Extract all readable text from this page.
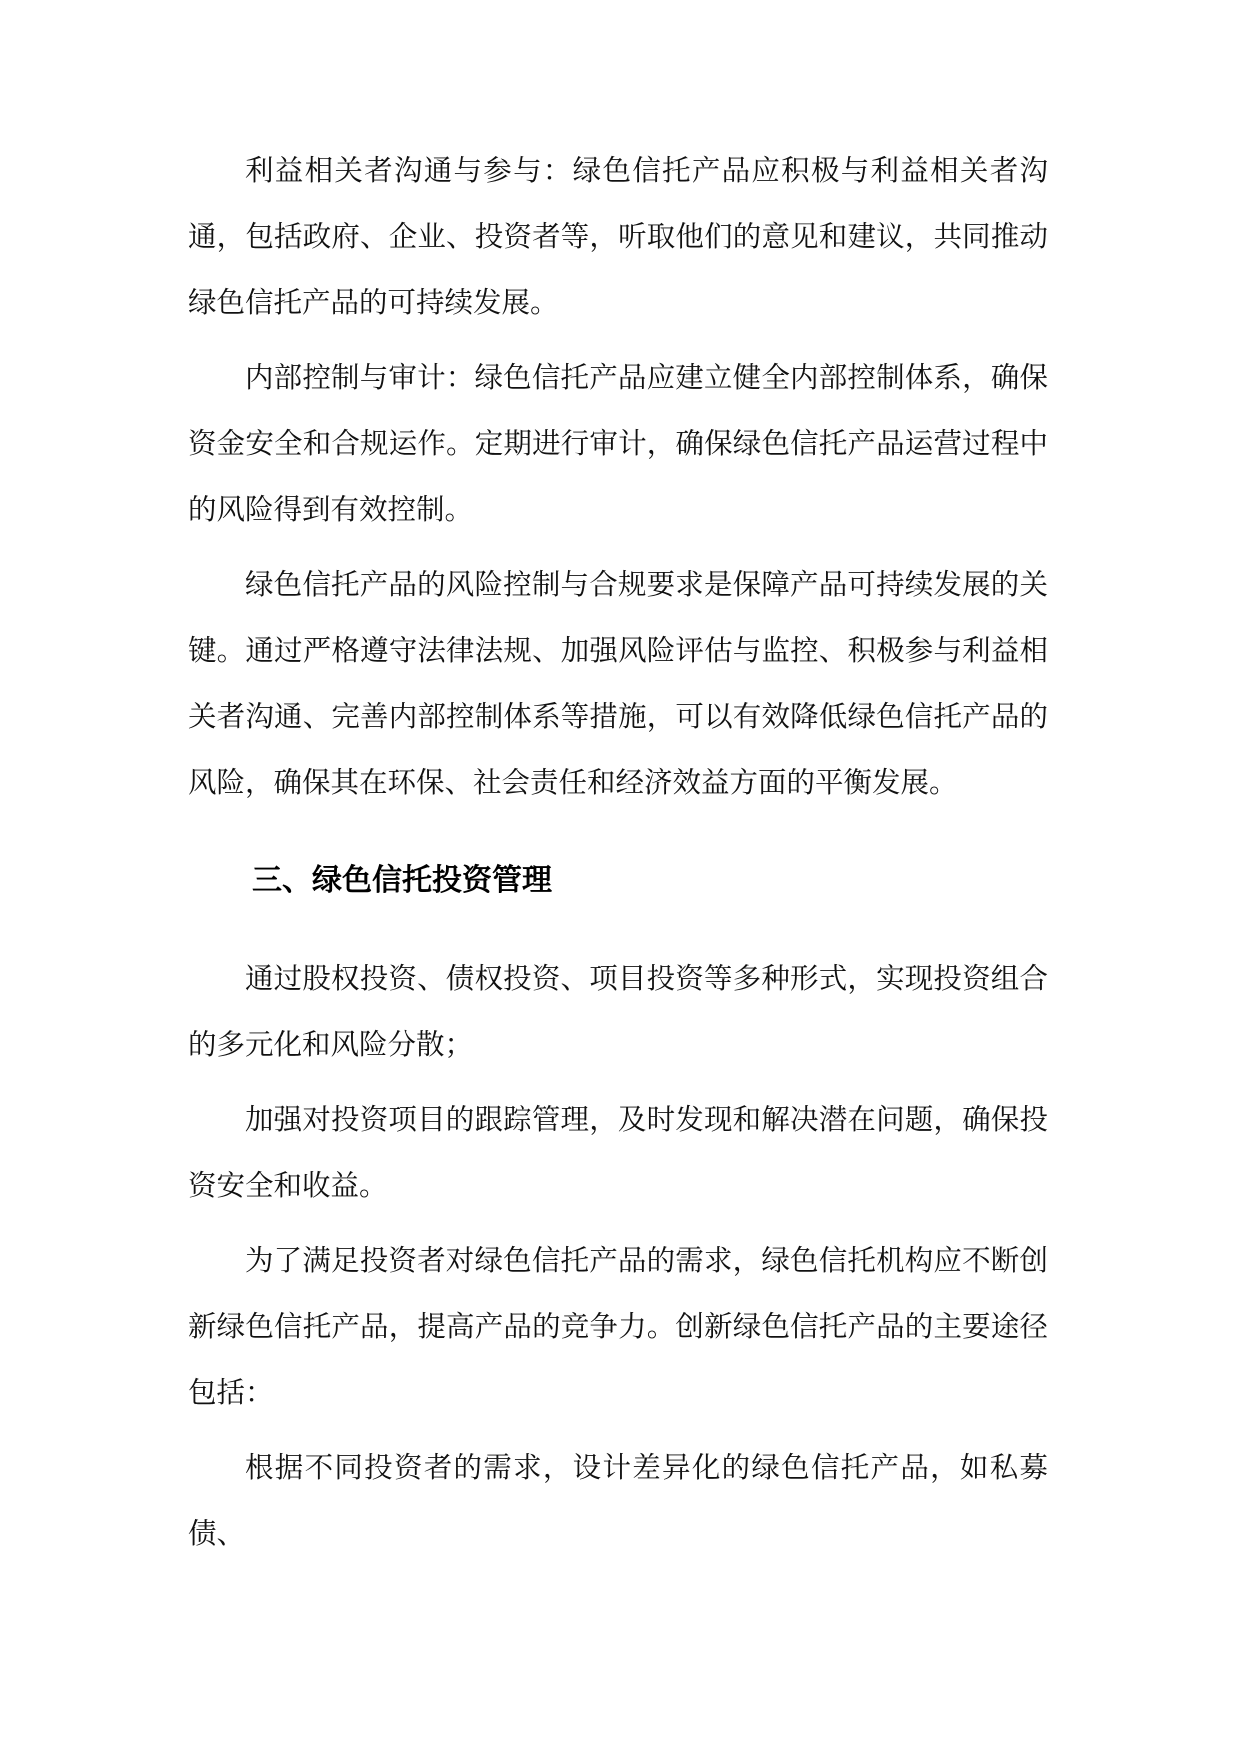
利益相关者沟通与参与：绿色信托产品应积极与利益相关者沟通，包括政府、企业、投资者等，听取他们的意见和建议，共同推动绿色信托产品的可持续发展。

内部控制与审计：绿色信托产品应建立健全内部控制体系，确保资金安全和合规运作。定期进行审计，确保绿色信托产品运营过程中的风险得到有效控制。

绿色信托产品的风险控制与合规要求是保障产品可持续发展的关键。通过严格遵守法律法规、加强风险评估与监控、积极参与利益相关者沟通、完善内部控制体系等措施，可以有效降低绿色信托产品的风险，确保其在环保、社会责任和经济效益方面的平衡发展。

三、绿色信托投资管理

通过股权投资、债权投资、项目投资等多种形式，实现投资组合的多元化和风险分散；

加强对投资项目的跟踪管理，及时发现和解决潜在问题，确保投资安全和收益。

为了满足投资者对绿色信托产品的需求，绿色信托机构应不断创新绿色信托产品，提高产品的竞争力。创新绿色信托产品的主要途径包括：

根据不同投资者的需求，设计差异化的绿色信托产品，如私募债、
